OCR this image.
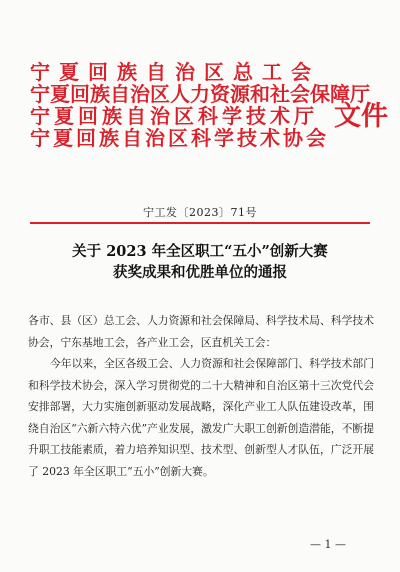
宁夏回族自治区总工会
宁夏回族自治区人力资源和社会保障厅
宁夏回族自治区科学技术厅
宁夏回族自治区科学技术协会
文件
宁工发〔2023〕71号
关于 2023 年全区职工“五小”创新大赛
获奖成果和优胜单位的通报

各市、县（区）总工会、人力资源和社会保障局、科学技术局、科学技术协会，宁东基地工会，各产业工会，区直机关工会：

今年以来，全区各级工会、人力资源和社会保障部门、科学技术部门和科学技术协会，深入学习贯彻党的二十大精神和自治区第十三次党代会安排部署，大力实施创新驱动发展战略，深化产业工人队伍建设改革，围绕自治区“六新六特六优”产业发展，激发广大职工创新创造潜能，不断提升职工技能素质，着力培养知识型、技术型、创新型人才队伍，广泛开展了 2023 年全区职工“五小”创新大赛。

— 1 —
